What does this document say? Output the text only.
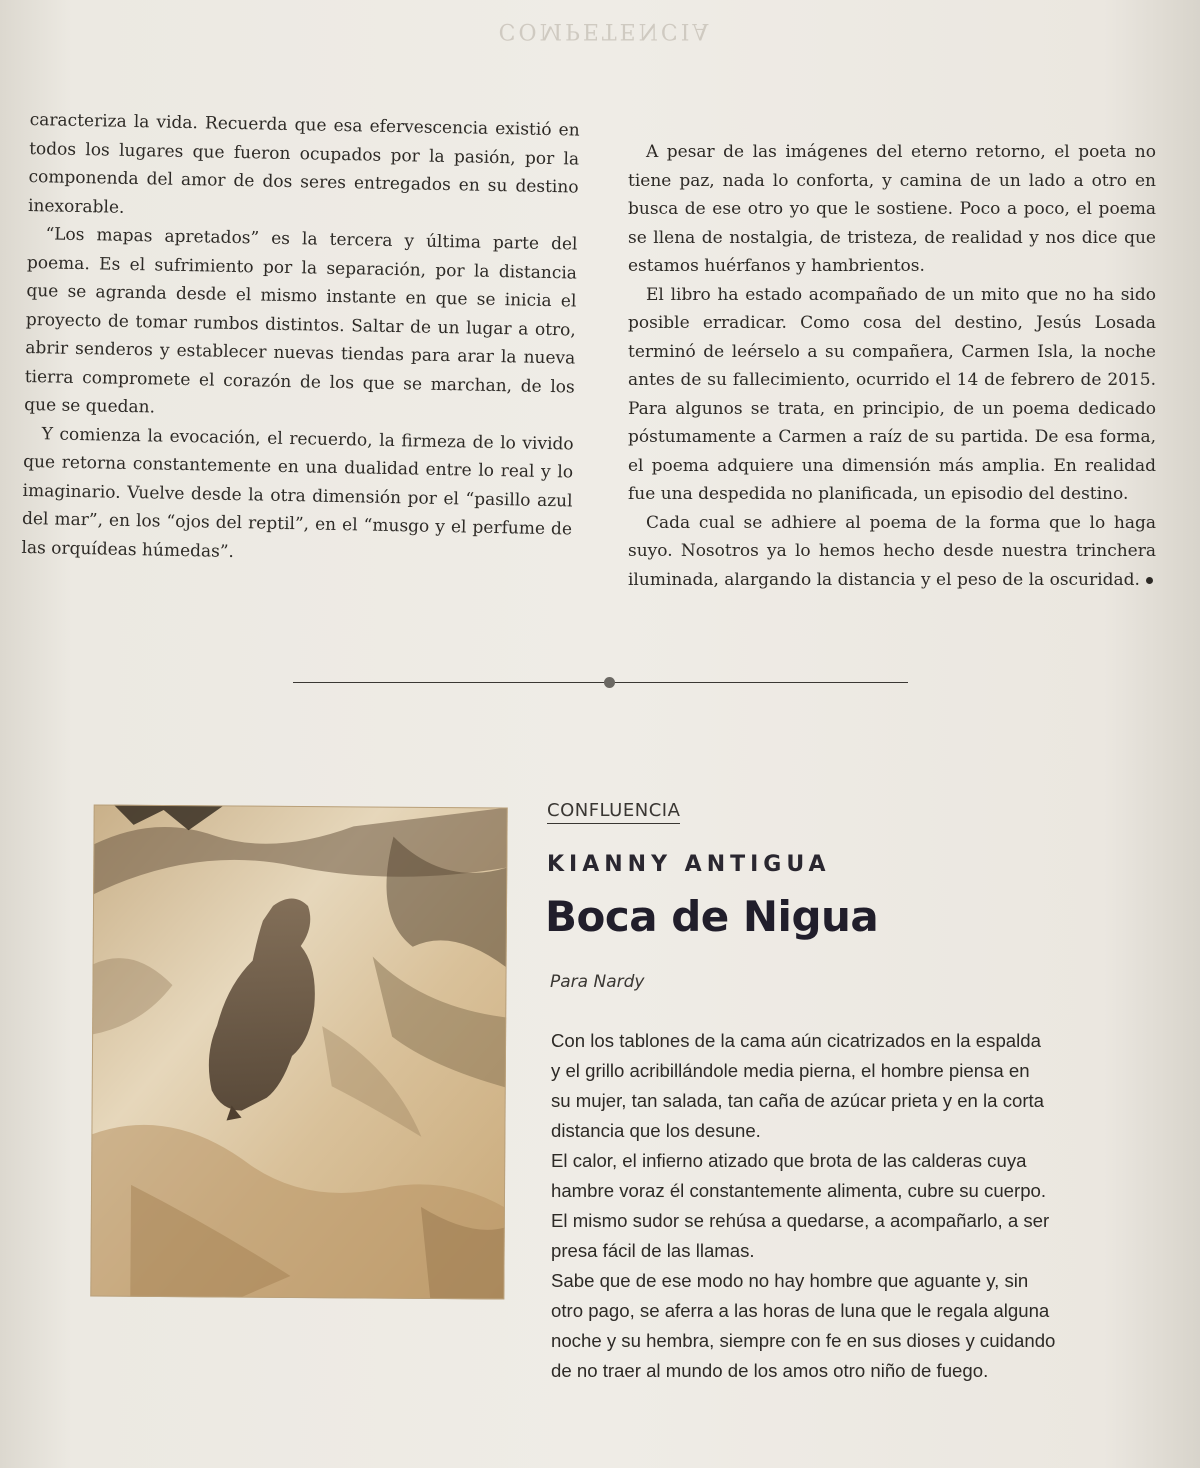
COMPETENCIA

caracteriza la vida. Recuerda que esa efervescencia existió en todos los lugares que fueron ocupados por la pasión, por la componenda del amor de dos seres entregados en su destino inexorable.

“Los mapas apretados” es la tercera y última parte del poema. Es el sufrimiento por la separación, por la distancia que se agranda desde el mismo instante en que se inicia el proyecto de tomar rumbos distintos. Saltar de un lugar a otro, abrir senderos y establecer nuevas tiendas para arar la nueva tierra compromete el corazón de los que se marchan, de los que se quedan.

Y comienza la evocación, el recuerdo, la firmeza de lo vivido que retorna constantemente en una dualidad entre lo real y lo imaginario. Vuelve desde la otra dimensión por el “pasillo azul del mar”, en los “ojos del reptil”, en el “musgo y el perfume de las orquídeas húmedas”.

A pesar de las imágenes del eterno retorno, el poeta no tiene paz, nada lo conforta, y camina de un lado a otro en busca de ese otro yo que le sostiene. Poco a poco, el poema se llena de nostalgia, de tristeza, de realidad y nos dice que estamos huérfanos y hambrientos.

El libro ha estado acompañado de un mito que no ha sido posible erradicar. Como cosa del destino, Jesús Losada terminó de leérselo a su compañera, Carmen Isla, la noche antes de su fallecimiento, ocurrido el 14 de febrero de 2015. Para algunos se trata, en principio, de un poema dedicado póstumamente a Carmen a raíz de su partida. De esa forma, el poema adquiere una dimensión más amplia. En realidad fue una despedida no planificada, un episodio del destino.

Cada cual se adhiere al poema de la forma que lo haga suyo. Nosotros ya lo hemos hecho desde nuestra trinchera iluminada, alargando la distancia y el peso de la oscuridad.

CONFLUENCIA
KIANNY ANTIGUA
Boca de Nigua
Para Nardy
Con los tablones de la cama aún cicatrizados en la espalda
y el grillo acribillándole media pierna, el hombre piensa en
su mujer, tan salada, tan caña de azúcar prieta y en la corta
distancia que los desune.
El calor, el infierno atizado que brota de las calderas cuya
hambre voraz él constantemente alimenta, cubre su cuerpo.
El mismo sudor se rehúsa a quedarse, a acompañarlo, a ser
presa fácil de las llamas.
Sabe que de ese modo no hay hombre que aguante y, sin
otro pago, se aferra a las horas de luna que le regala alguna
noche y su hembra, siempre con fe en sus dioses y cuidando
de no traer al mundo de los amos otro niño de fuego.
